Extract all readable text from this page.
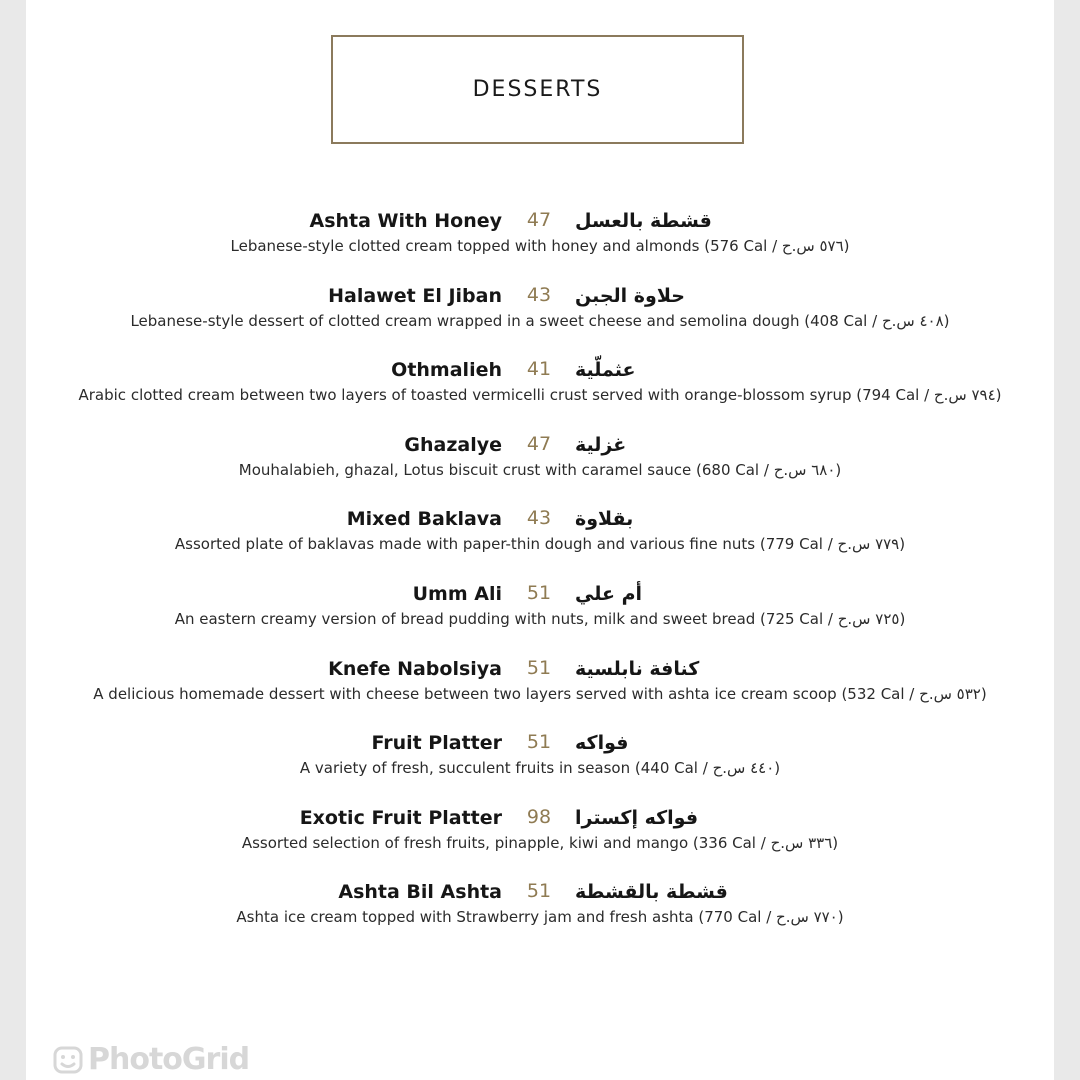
DESSERTS
Ashta With Honey	47	قشطة بالعسل
Lebanese-style clotted cream topped with honey and almonds (576 Cal / ٥٧٦ س.ح)
Halawet El Jiban	43	حلاوة الجبن
Lebanese-style dessert of clotted cream wrapped in a sweet cheese and semolina dough (408 Cal / ٤٠٨ س.ح)
Othmalieh	41	عثملّية
Arabic clotted cream between two layers of toasted vermicelli crust served with orange-blossom syrup (794 Cal / ٧٩٤ س.ح)
Ghazalye	47	غزلية
Mouhalabieh, ghazal, Lotus biscuit crust with caramel sauce (680 Cal / ٦٨٠ س.ح)
Mixed Baklava	43	بقلاوة
Assorted plate of baklavas made with paper-thin dough and various fine nuts (779 Cal / ٧٧٩ س.ح)
Umm Ali	51	أم علي
An eastern creamy version of bread pudding with nuts, milk and sweet bread (725 Cal / ٧٢٥ س.ح)
Knefe Nabolsiya	51	كنافة نابلسية
A delicious homemade dessert with cheese between two layers served with ashta ice cream scoop (532 Cal / ٥٣٢ س.ح)
Fruit Platter	51	فواكه
A variety of fresh, succulent fruits in season (440 Cal / ٤٤٠ س.ح)
Exotic Fruit Platter	98	فواكه إكسترا
Assorted selection of fresh fruits, pinapple, kiwi and mango (336 Cal / ٣٣٦ س.ح)
Ashta Bil Ashta	51	قشطة بالقشطة
Ashta ice cream topped with Strawberry jam and fresh ashta (770 Cal / ٧٧٠ س.ح)
PhotoGrid
